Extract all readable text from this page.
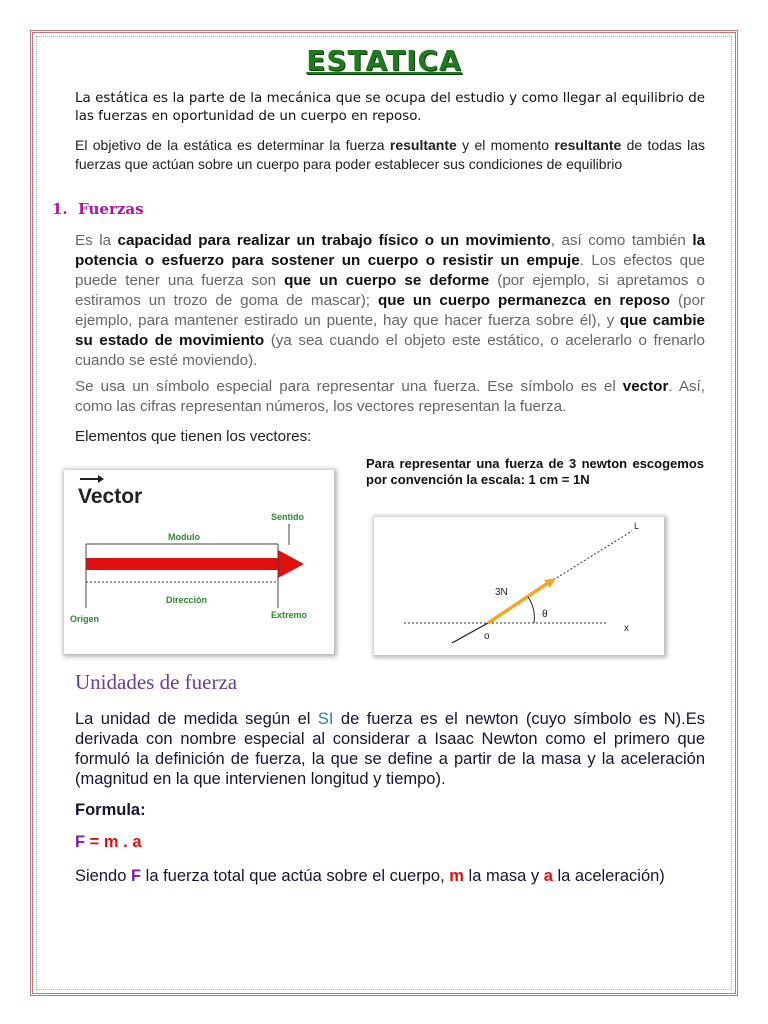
ESTATICA
La estática es la parte de la mecánica que se ocupa del estudio y como llegar al equilibrio de las fuerzas en oportunidad de un cuerpo en reposo.
El objetivo de la estática es determinar la fuerza resultante y el momento resultante de todas las fuerzas que actúan sobre un cuerpo para poder establecer sus condiciones de equilibrio
1. Fuerzas
Es la capacidad para realizar un trabajo físico o un movimiento, así como también la potencia o esfuerzo para sostener un cuerpo o resistir un empuje. Los efectos que puede tener una fuerza son que un cuerpo se deforme (por ejemplo, si apretamos o estiramos un trozo de goma de mascar); que un cuerpo permanezca en reposo (por ejemplo, para mantener estirado un puente, hay que hacer fuerza sobre él), y que cambie su estado de movimiento (ya sea cuando el objeto este estático, o acelerarlo o frenarlo cuando se esté moviendo).
Se usa un símbolo especial para representar una fuerza. Ese símbolo es el vector. Así, como las cifras representan números, los vectores representan la fuerza.
Elementos que tienen los vectores:
Vector
Modulo
Sentido
Dirección
Origen	Extremo
Para representar una fuerza de 3 newton escogemos por convención la escala: 1 cm = 1N
x
L
3N
θ
o
Unidades de fuerza
La unidad de medida según el SI de fuerza es el newton (cuyo símbolo es N).Es derivada con nombre especial al considerar a Isaac Newton como el primero que formuló la definición de fuerza, la que se define a partir de la masa y la aceleración (magnitud en la que intervienen longitud y tiempo).
Formula:
F = m . a
Siendo F la fuerza total que actúa sobre el cuerpo, m la masa y a la aceleración)
